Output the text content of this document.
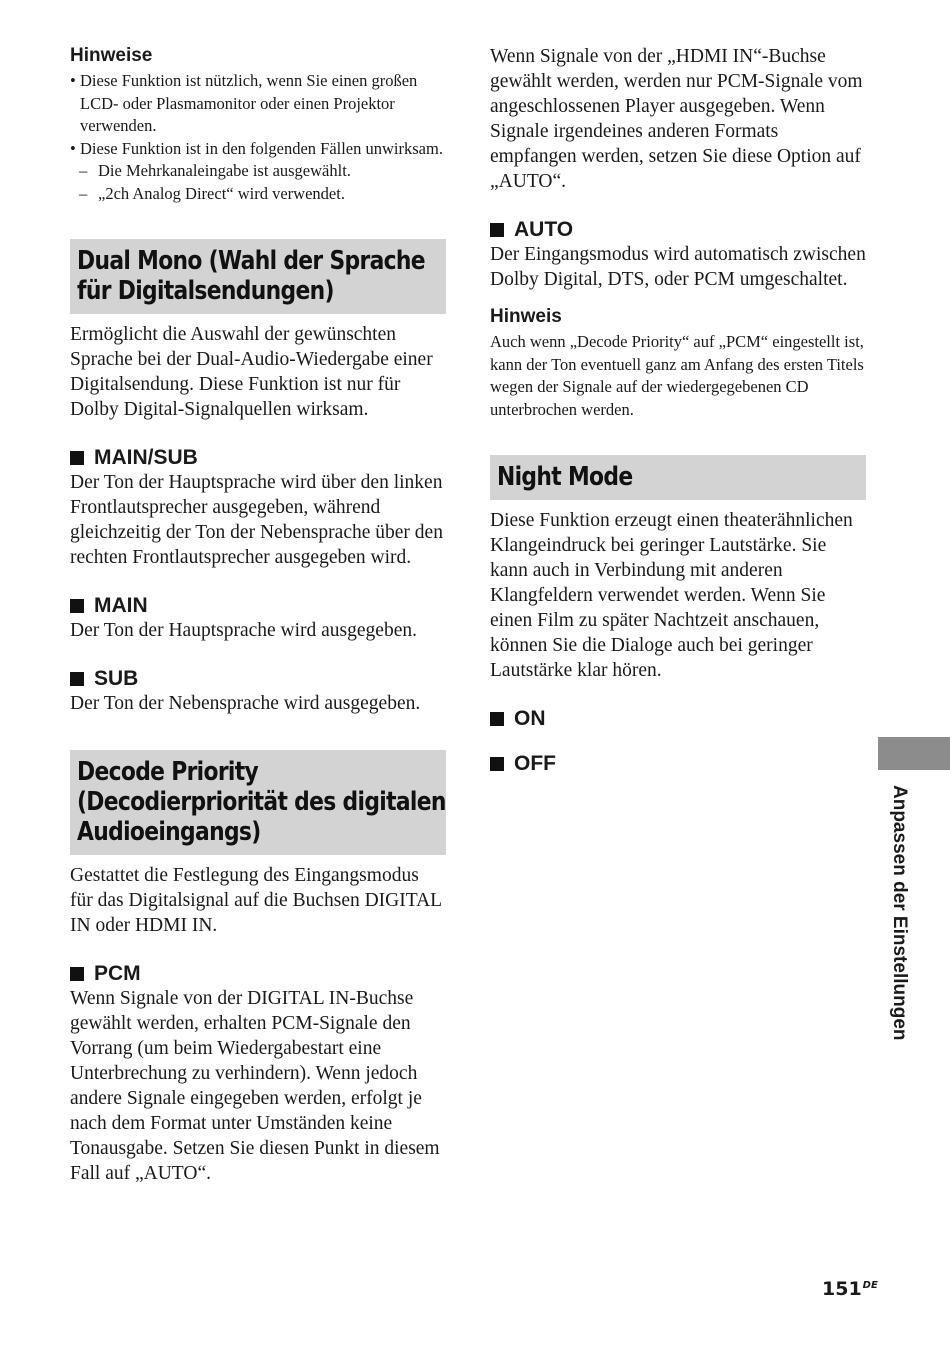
Hinweise

• Diese Funktion ist nützlich, wenn Sie einen großen LCD- oder Plasmamonitor oder einen Projektor verwenden.
• Diese Funktion ist in den folgenden Fällen unwirksam.
– Die Mehrkanaleingabe ist ausgewählt.
– „2ch Analog Direct“ wird verwendet.
Dual Mono (Wahl der Sprache
für Digitalsendungen)

Ermöglicht die Auswahl der gewünschten Sprache bei der Dual-Audio-Wiedergabe einer Digitalsendung. Diese Funktion ist nur für Dolby Digital-Signalquellen wirksam.

MAIN/SUB

Der Ton der Hauptsprache wird über den linken Frontlautsprecher ausgegeben, während gleichzeitig der Ton der Nebensprache über den rechten Frontlautsprecher ausgegeben wird.

MAIN

Der Ton der Hauptsprache wird ausgegeben.

SUB

Der Ton der Nebensprache wird ausgegeben.

Decode Priority
(Decodierpriorität des digitalen
Audioeingangs)

Gestattet die Festlegung des Eingangsmodus für das Digitalsignal auf die Buchsen DIGITAL IN oder HDMI IN.

PCM

Wenn Signale von der DIGITAL IN-Buchse gewählt werden, erhalten PCM-Signale den Vorrang (um beim Wiedergabestart eine Unterbrechung zu verhindern). Wenn jedoch andere Signale eingegeben werden, erfolgt je nach dem Format unter Umständen keine Tonausgabe. Setzen Sie diesen Punkt in diesem Fall auf „AUTO“.

Wenn Signale von der „HDMI IN“-Buchse gewählt werden, werden nur PCM-Signale vom angeschlossenen Player ausgegeben. Wenn Signale irgendeines anderen Formats empfangen werden, setzen Sie diese Option auf „AUTO“.

AUTO

Der Eingangsmodus wird automatisch zwischen Dolby Digital, DTS, oder PCM umgeschaltet.

Hinweis

Auch wenn „Decode Priority“ auf „PCM“ eingestellt ist, kann der Ton eventuell ganz am Anfang des ersten Titels wegen der Signale auf der wiedergegebenen CD unterbrochen werden.

Night Mode

Diese Funktion erzeugt einen theaterähnlichen Klangeindruck bei geringer Lautstärke. Sie kann auch in Verbindung mit anderen Klangfeldern verwendet werden. Wenn Sie einen Film zu später Nachtzeit anschauen, können Sie die Dialoge auch bei geringer Lautstärke klar hören.

ON

OFF

Anpassen der Einstellungen
151DE
